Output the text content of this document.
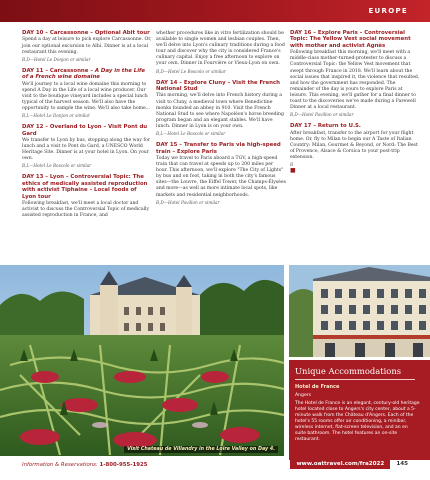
EUROPE
DAY 10 – Carcassonne – Optional Abit tour
Spend a day at leisure to pick explore Carcassonne. Or, join our optional excursion to Albi. Dinner is at a local restaurant this evening.
B,D—Hotel Le Donjon or similar
DAY 11 – Carcassonne – A Day in the Life of a French wine domaine
We'll journey to a local wine domaine this morning to spend A Day in the Life of a local wine producer. Our visit to the boutique vineyard includes a special lunch typical of the harvest season. We'll also have the opportunity to sample the wine. We'll also take home...
B,L—Hotel Le Donjon or similar
DAY 12 – Overland to Lyon – Visit Pont du Gard
We transfer to Lyon by bus, stopping along the way for lunch and a visit to Pont du Gard, a UNESCO World Heritage Site. Dinner is at your hotel in Lyon. On your own.
B,L—Hotel Le Boscolo or similar
DAY 13 – Lyon – Controversial Topic: The ethics of medically assisted reproduction with activist Tiphaine – Local foods of Lyon tour
Following breakfast, we'll meet a local doctor and activist to discuss the Controversial Topic of medically assisted reproduction in France, and
whether procedures like in vitro fertilization should be available to single women and lesbian couples. Then, we'll delve into Lyon's culinary traditions during a food tour and discover why the city is considered France's culinary capital. Enjoy a free afternoon to explore on your own. Dinner in Fourvière or Vieux-Lyon on own.
B,D—Hotel Le Boscolo or similar
DAY 14 – Explore Cluny – Visit the French National Stud
This morning, we'll delve into French history during a visit to Cluny, a medieval town where Benedictine monks founded an abbey in 910. Visit the French National Stud to see where Napoléon's horse breeding program began and an elegant stables. We'll have lunch. Dinner in Lyon is on your own.
B,L—Hotel Le Boscolo or similar
DAY 15 – Transfer to Paris via high-speed train – Explore Paris
Today we travel to Paris aboard a TGV, a high-speed train that can travel at speeds up to 200 miles per hour. This afternoon, we'll explore "The City of Lights" by bus and on foot, taking in both the city's famous sites—the Louvre, the Eiffel Tower, the Champs-Élysées and more—as well as more intimate local spots, like markets and residential neighborhoods.
B,D—Hotel Pavillon or similar
DAY 16 – Explore Paris – Controversial Topic: The Yellow Vest social movement with mother and activist Agnès
Following breakfast this morning, we'll meet with a middle-class mother-turned-protester to discuss a Controversial Topic: the Yellow Vest movement that swept through France in 2018. We'll learn about the social issues that inspired it, the violence that resulted, and how the government has responded. The remainder of the day is yours to explore Paris at leisure. This evening, we'll gather for a final dinner to toast to the discoveries we've made during a Farewell Dinner at a local restaurant.
B,D—Hotel Pavillon or similar
DAY 17 – Return to U.S.
After breakfast, transfer to the airport for your flight home. Or, fly to Milan to begin our A Taste of Italian Country: Milan, Gourmet & Beyond, or Nord: The Best of Provence, Alsace & Corsica to your post-trip extension.
B
■
Visit Chateau de Villandry in the Loire Valley on Day 4.
Unique Accommodations
Hotel de France
Angers
The Hotel de France is an elegant, century-old heritage hotel located close to Angers's city center, about a 5-minute walk from the Château d'Angers. Each of the hotel's 55 rooms offer air conditioning, a minibar, wireless internet, flat-screen television, and an en suite bathroom. The hotel features an on-site restaurant.
Information & Reservations: 1-800-955-1925	www.oattravel.com/fra2022	145
